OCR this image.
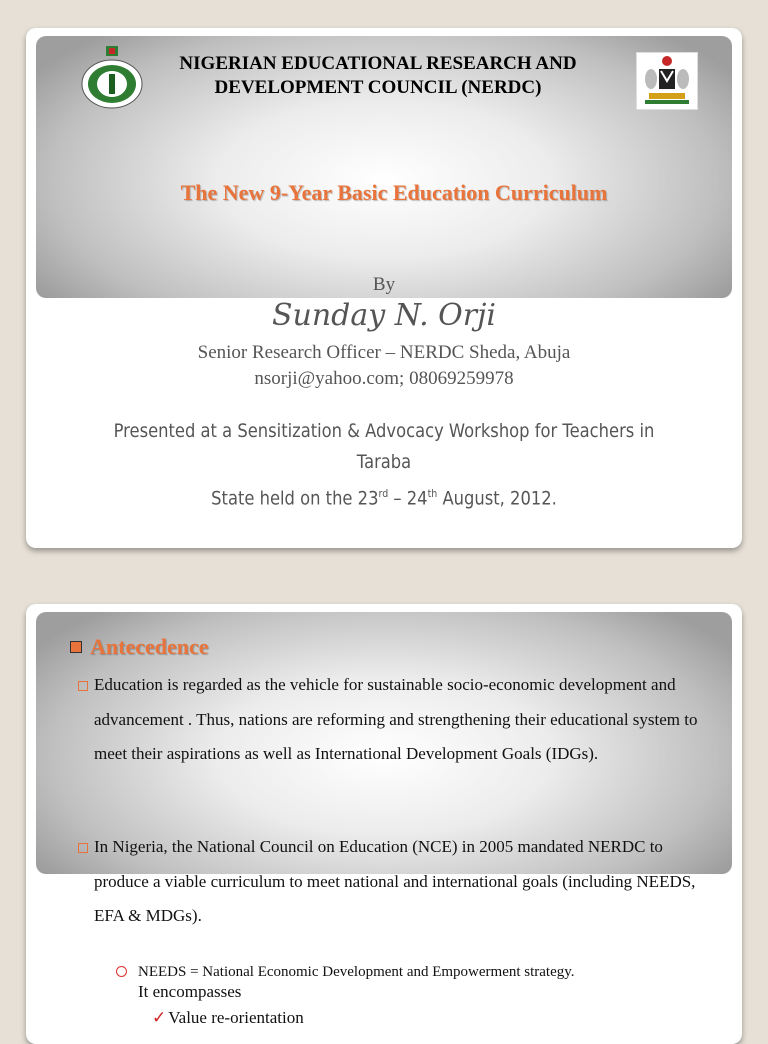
NIGERIAN EDUCATIONAL RESEARCH AND
DEVELOPMENT COUNCIL (NERDC)
The New 9-Year Basic Education Curriculum
By
Sunday N. Orji
Senior Research Officer – NERDC Sheda, Abuja
nsorji@yahoo.com; 08069259978
Presented at a Sensitization & Advocacy Workshop for Teachers in Taraba
State held on the 23rd – 24th August, 2012.
Antecedence
Education is regarded as the vehicle for sustainable socio-economic development and advancement . Thus, nations are reforming and strengthening their educational system to meet their aspirations as well as International Development Goals (IDGs).
In Nigeria, the National Council on Education (NCE) in 2005 mandated NERDC to produce a viable curriculum to meet national and international goals (including NEEDS, EFA & MDGs).
NEEDS = National Economic Development and Empowerment strategy.
It encompasses
✓ Value re-orientation
